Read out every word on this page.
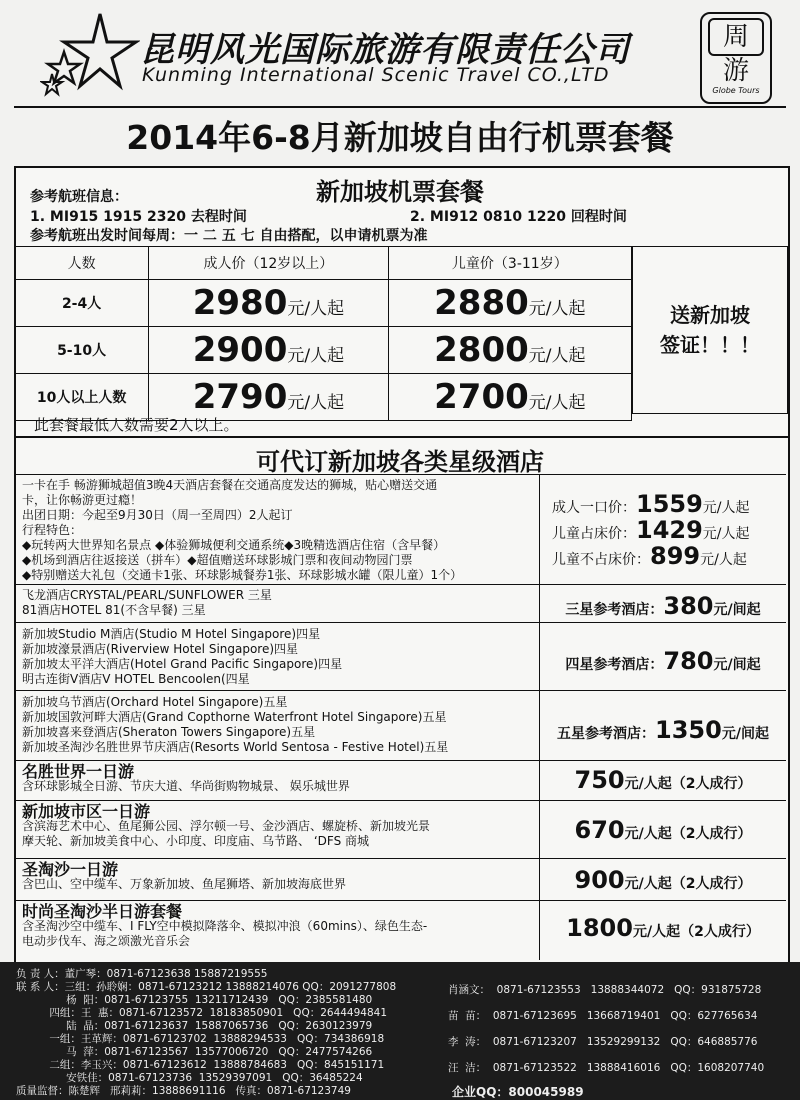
昆明风光国际旅游有限责任公司
Kunming International Scenic Travel CO.,LTD
周
游
Globe Tours
2014年6-8月新加坡自由行机票套餐
新加坡机票套餐
参考航班信息：
1. MI915 1915 2320 去程时间	2. MI912 0810 1220 回程时间
参考航班出发时间每周：一 二 五 七 自由搭配，以申请机票为准
人数	成人价（12岁以上）	儿童价（3-11岁）
2-4人	2980元/人起	2880元/人起
5-10人	2900元/人起	2800元/人起
10人以上人数	2790元/人起	2700元/人起
送新加坡
签证！！！
此套餐最低人数需要2人以上。
可代订新加坡各类星级酒店
一卡在手 畅游狮城超值3晚4天酒店套餐在交通高度发达的狮城，贴心赠送交通
卡，让你畅游更过瘾！
出团日期：今起至9月30日（周一至周四）2人起订
行程特色：
◆玩转两大世界知名景点 ◆体验狮城便利交通系统◆3晚精选酒店住宿（含早餐）
◆机场到酒店往返接送（拼车）◆超值赠送环球影城门票和夜间动物园门票
◆特别赠送大礼包（交通卡1张、环球影城餐券1张、环球影城水罐（限儿童）1个）
成人一口价：1559元/人起
儿童占床价：1429元/人起
儿童不占床价：899元/人起
飞龙酒店CRYSTAL/PEARL/SUNFLOWER 三星
81酒店HOTEL 81(不含早餐) 三星	三星参考酒店：380元/间起
新加坡Studio M酒店(Studio M Hotel Singapore)四星
新加坡濠景酒店(Riverview Hotel Singapore)四星
新加坡太平洋大酒店(Hotel Grand Pacific Singapore)四星
明古连街V酒店V HOTEL Bencoolen(四星
四星参考酒店：780元/间起
新加坡乌节酒店(Orchard Hotel Singapore)五星
新加坡国敦河畔大酒店(Grand Copthorne Waterfront Hotel Singapore)五星
新加坡喜来登酒店(Sheraton Towers Singapore)五星
新加坡圣淘沙名胜世界节庆酒店(Resorts World Sentosa - Festive Hotel)五星
五星参考酒店：1350元/间起
名胜世界一日游
含环球影城全日游、节庆大道、华尚街购物城景、 娱乐城世界	750元/人起（2人成行）
新加坡市区一日游
含滨海艺术中心、鱼尾狮公园、浮尔顿一号、金沙酒店、螺旋桥、新加坡光景
摩天轮、新加坡美食中心、小印度、印度庙、乌节路、 ‘DFS 商城	670元/人起（2人成行）
圣淘沙一日游
含巴山、空中缆车、万象新加坡、鱼尾狮塔、新加坡海底世界	900元/人起（2人成行）
时尚圣淘沙半日游套餐
含圣淘沙空中缆车、I FLY空中模拟降落伞、模拟冲浪（60mins）、绿色生态-
电动步伐车、海之颂激光音乐会	1800元/人起（2人成行）
负 责 人：董广琴：0871-67123638 15887219555
联 系 人：三组：孙聆娴：0871-67123212 13888214076 QQ：2091277808
杨  阳：0871-67123755  13211712439   QQ：2385581480
四组：王  惠：0871-67123572  18183850901   QQ：2644494841
陆  晶：0871-67123637  15887065736   QQ：2630123979
一组：王革辉：0871-67123702  13888294533   QQ：734386918
马  萍：0871-67123567  13577006720   QQ：2477574266
二组：李玉兴：0871-67123612  13888784683   QQ：845151171
安铁佳：0871-67123736  13529397091   QQ：36485224
质量监督：陈楚辉   邢莉莉：13888691116   传真：0871-67123749
肖涵文：  0871-67123553   13888344072   QQ：931875728
苗  苗：  0871-67123695   13668719401   QQ：627765634
李  涛：  0871-67123207   13529299132   QQ：646885776
汪  洁：  0871-67123522   13888416016   QQ：1608207740
企业QQ：800045989
